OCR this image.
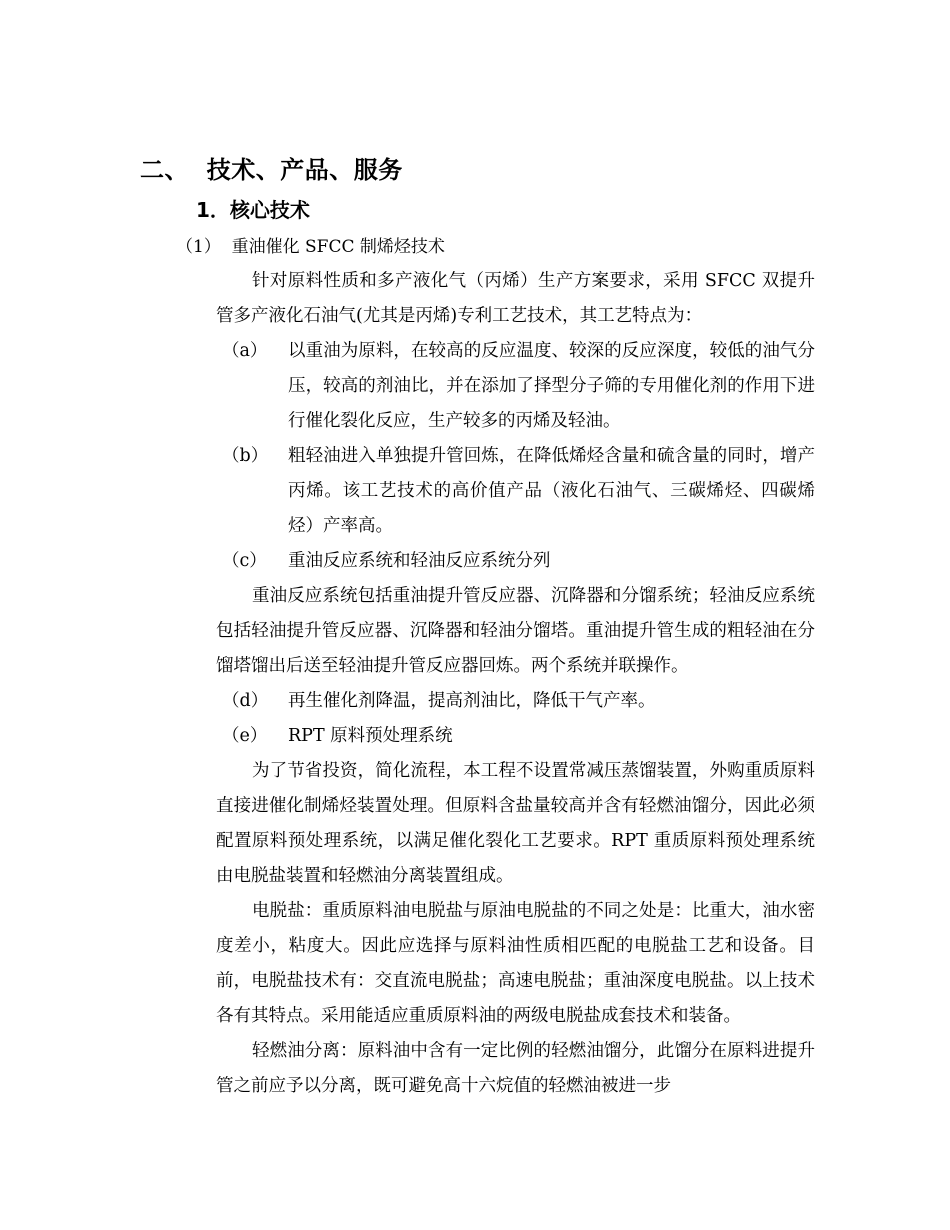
二、  技术、产品、服务
1．核心技术

（1）  重油催化 SFCC 制烯烃技术

针对原料性质和多产液化气（丙烯）生产方案要求，采用 SFCC 双提升管多产液化石油气(尤其是丙烯)专利工艺技术，其工艺特点为：

（a）	以重油为原料，在较高的反应温度、较深的反应深度，较低的油气分压，较高的剂油比，并在添加了择型分子筛的专用催化剂的作用下进行催化裂化反应，生产较多的丙烯及轻油。
（b）	粗轻油进入单独提升管回炼，在降低烯烃含量和硫含量的同时，增产丙烯。该工艺技术的高价值产品（液化石油气、三碳烯烃、四碳烯烃）产率高。
（c）	重油反应系统和轻油反应系统分列

重油反应系统包括重油提升管反应器、沉降器和分馏系统；轻油反应系统包括轻油提升管反应器、沉降器和轻油分馏塔。重油提升管生成的粗轻油在分馏塔馏出后送至轻油提升管反应器回炼。两个系统并联操作。

（d）	再生催化剂降温，提高剂油比，降低干气产率。
（e）	RPT 原料预处理系统

为了节省投资，简化流程，本工程不设置常减压蒸馏装置，外购重质原料直接进催化制烯烃装置处理。但原料含盐量较高并含有轻燃油馏分，因此必须配置原料预处理系统，以满足催化裂化工艺要求。RPT 重质原料预处理系统由电脱盐装置和轻燃油分离装置组成。

电脱盐：重质原料油电脱盐与原油电脱盐的不同之处是：比重大，油水密度差小，粘度大。因此应选择与原料油性质相匹配的电脱盐工艺和设备。目前，电脱盐技术有：交直流电脱盐；高速电脱盐；重油深度电脱盐。以上技术各有其特点。采用能适应重质原料油的两级电脱盐成套技术和装备。

轻燃油分离：原料油中含有一定比例的轻燃油馏分，此馏分在原料进提升管之前应予以分离，既可避免高十六烷值的轻燃油被进一步
